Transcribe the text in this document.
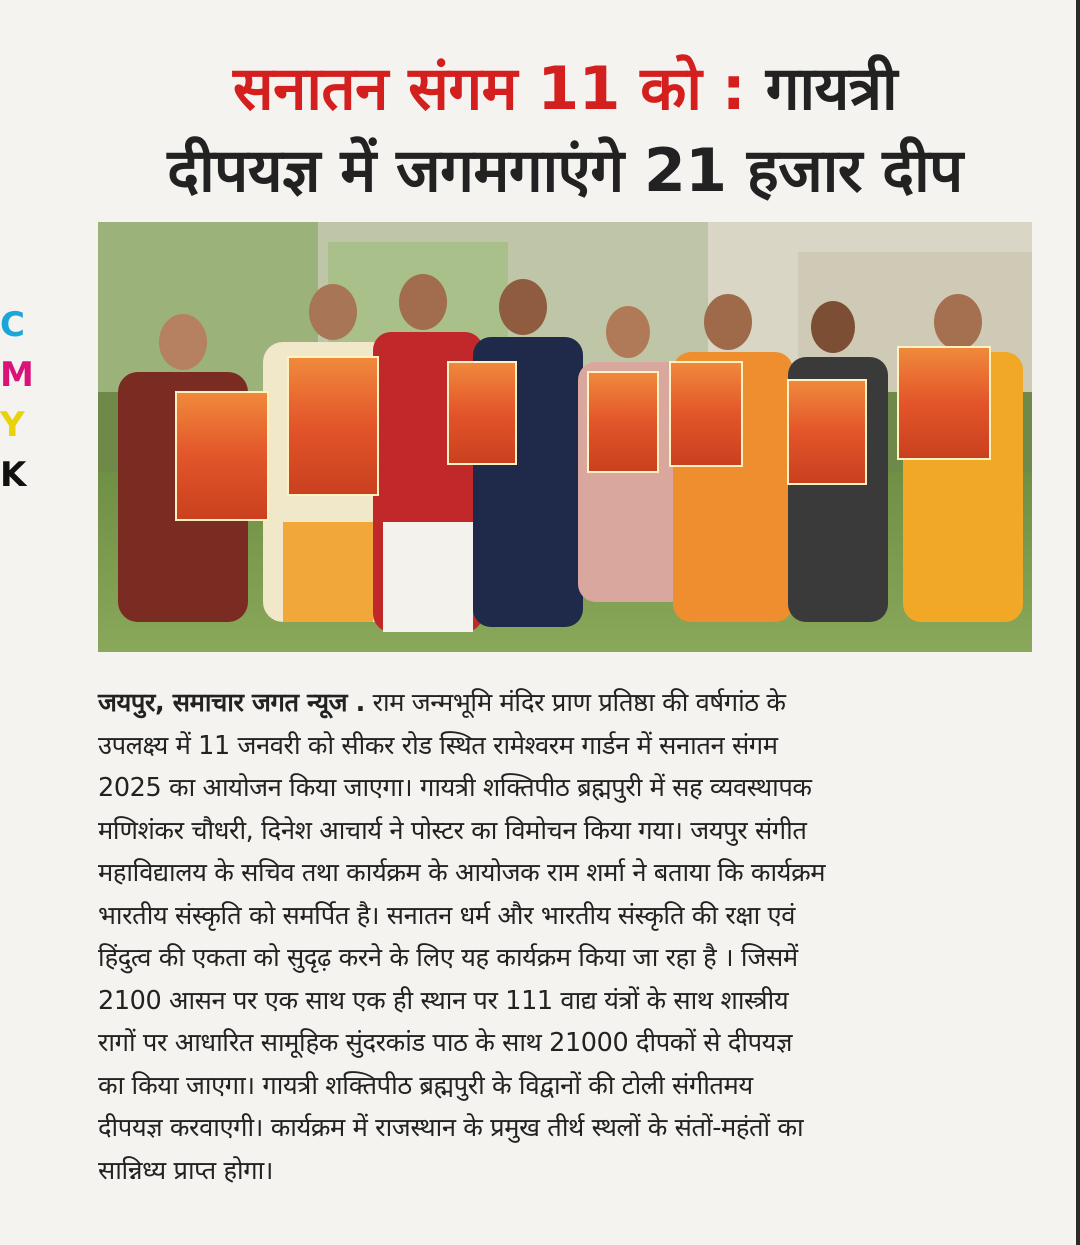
C
M
Y
K
सनातन संगम 11 को : गायत्री
दीपयज्ञ में जगमगाएंगे 21 हजार दीप
जयपुर, समाचार जगत न्यूज . राम जन्मभूमि मंदिर प्राण प्रतिष्ठा की वर्षगांठ के
उपलक्ष्य में 11 जनवरी को सीकर रोड स्थित रामेश्वरम गार्डन में सनातन संगम
2025 का आयोजन किया जाएगा। गायत्री शक्तिपीठ ब्रह्मपुरी में सह व्यवस्थापक
मणिशंकर चौधरी, दिनेश आचार्य ने पोस्टर का विमोचन किया गया। जयपुर संगीत
महाविद्यालय के सचिव तथा कार्यक्रम के आयोजक राम शर्मा ने बताया कि कार्यक्रम
भारतीय संस्कृति को समर्पित है। सनातन धर्म और भारतीय संस्कृति की रक्षा एवं
हिंदुत्व की एकता को सुदृढ़ करने के लिए यह कार्यक्रम किया जा रहा है । जिसमें
2100 आसन पर एक साथ एक ही स्थान पर 111 वाद्य यंत्रों के साथ शास्त्रीय
रागों पर आधारित सामूहिक सुंदरकांड पाठ के साथ 21000 दीपकों से दीपयज्ञ
का किया जाएगा। गायत्री शक्तिपीठ ब्रह्मपुरी के विद्वानों की टोली संगीतमय
दीपयज्ञ करवाएगी। कार्यक्रम में राजस्थान के प्रमुख तीर्थ स्थलों के संतों-महंतों का
सान्निध्य प्राप्त होगा।
